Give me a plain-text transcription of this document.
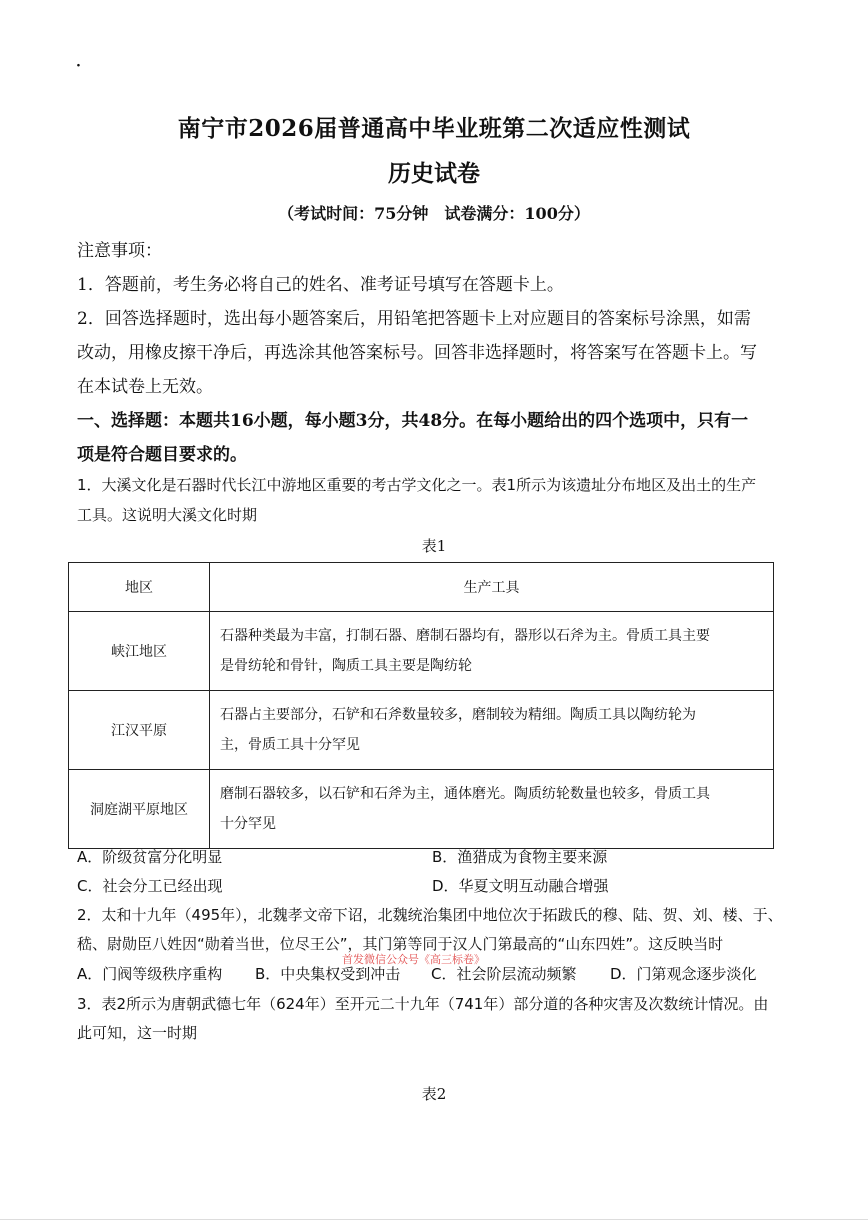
·
南宁市2026届普通高中毕业班第二次适应性测试
历史试卷
（考试时间：75分钟　试卷满分：100分）
注意事项：
1．答题前，考生务必将自己的姓名、准考证号填写在答题卡上。
2．回答选择题时，选出每小题答案后，用铅笔把答题卡上对应题目的答案标号涂黑，如需
改动，用橡皮擦干净后，再选涂其他答案标号。回答非选择题时，将答案写在答题卡上。写
在本试卷上无效。
一、选择题：本题共16小题，每小题3分，共48分。在每小题给出的四个选项中，只有一
项是符合题目要求的。
1．大溪文化是石器时代长江中游地区重要的考古学文化之一。表1所示为该遗址分布地区及出土的生产
工具。这说明大溪文化时期
表1
地区	生产工具
峡江地区	石器种类最为丰富，打制石器、磨制石器均有，器形以石斧为主。骨质工具主要
是骨纺轮和骨针，陶质工具主要是陶纺轮

江汉平原	石器占主要部分，石铲和石斧数量较多，磨制较为精细。陶质工具以陶纺轮为
主，骨质工具十分罕见

洞庭湖平原地区	磨制石器较多，以石铲和石斧为主，通体磨光。陶质纺轮数量也较多，骨质工具
十分罕见
A．阶级贫富分化明显	B．渔猎成为食物主要来源
C．社会分工已经出现	D．华夏文明互动融合增强
2．太和十九年（495年），北魏孝文帝下诏，北魏统治集团中地位次于拓跋氏的穆、陆、贺、刘、楼、于、
嵇、尉勋臣八姓因“勋着当世，位尽王公”，其门第等同于汉人门第最高的“山东四姓”。这反映当时
A．门阀等级秩序重构 B．中央集权受到冲击 C．社会阶层流动频繁 D．门第观念逐步淡化
首发微信公众号《高三标卷》
3．表2所示为唐朝武德七年（624年）至开元二十九年（741年）部分道的各种灾害及次数统计情况。由
此可知，这一时期
表2
